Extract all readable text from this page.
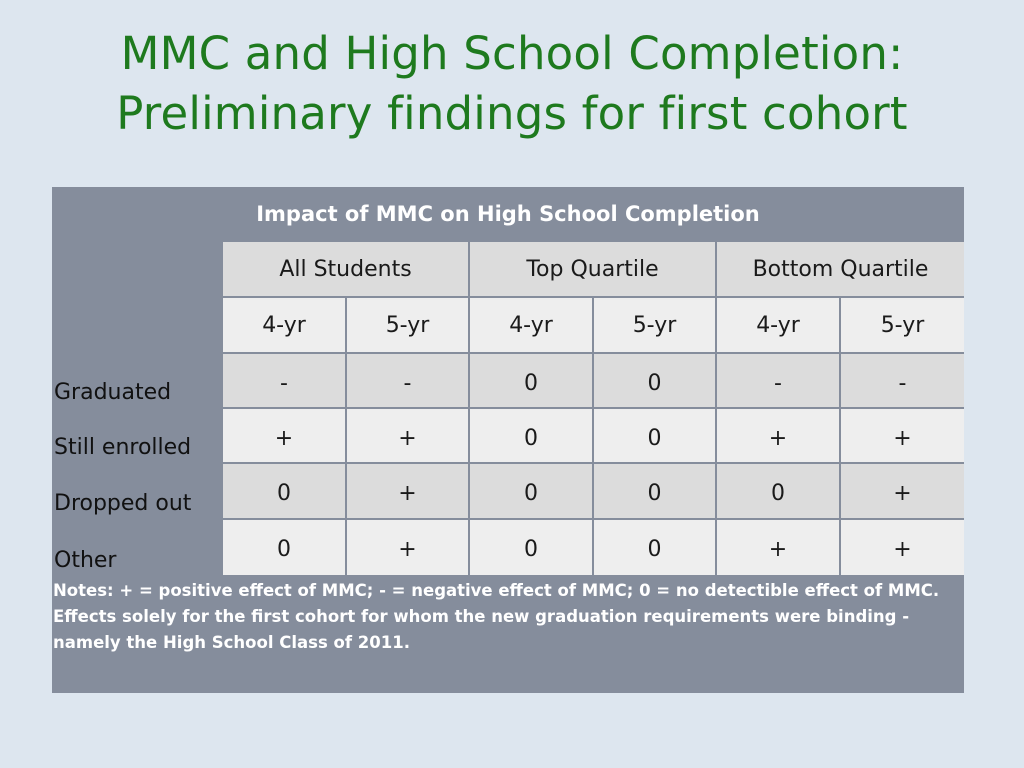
MMC and High School Completion:
Preliminary findings for first cohort
Impact of MMC on High School Completion
All Students	Top Quartile	Bottom Quartile
4-yr	5-yr	4-yr	5-yr	4-yr	5-yr
Graduated	-	-	0	0	-	-
Still enrolled	+	+	0	0	+	+
Dropped out	0	+	0	0	0	+
Other	0	+	0	0	+	+
Notes: + = positive effect of MMC; - = negative effect of MMC; 0 = no detectible effect of MMC. Effects solely for the first cohort for whom the new graduation requirements were binding - namely the High School Class of 2011.
